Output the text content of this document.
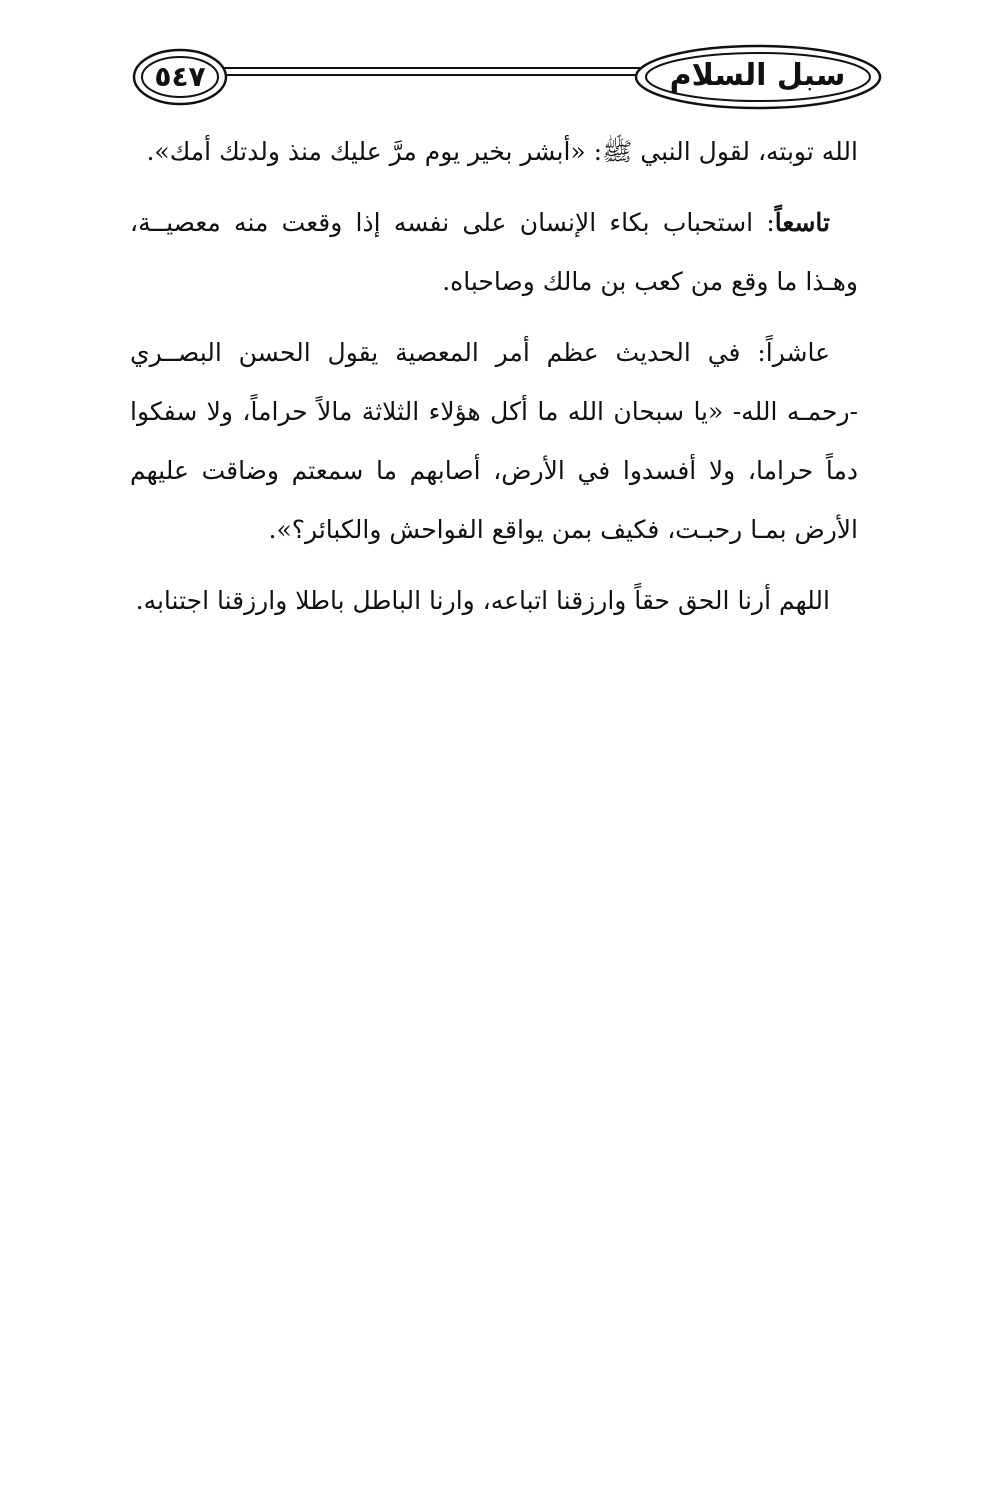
٥٤٧	سبل السلام

الله توبته، لقول النبي ﷺ: «أبشر بخير يوم مرَّ عليك منذ ولدتك أمك».

تاسعاً: استحباب بكاء الإنسان على نفسه إذا وقعت منه معصيــة، وهـذا ما وقع من كعب بن مالك وصاحباه.

عاشراً: في الحديث عظم أمر المعصية يقول الحسن البصــري -رحمـه الله- «يا سبحان الله ما أكل هؤلاء الثلاثة مالاً حراماً، ولا سفكوا دماً حراما، ولا أفسدوا في الأرض، أصابهم ما سمعتم وضاقت عليهم الأرض بمـا رحبـت، فكيف بمن يواقع الفواحش والكبائر؟».

اللهم أرنا الحق حقاً وارزقنا اتباعه، وارنا الباطل باطلا وارزقنا اجتنابه.
